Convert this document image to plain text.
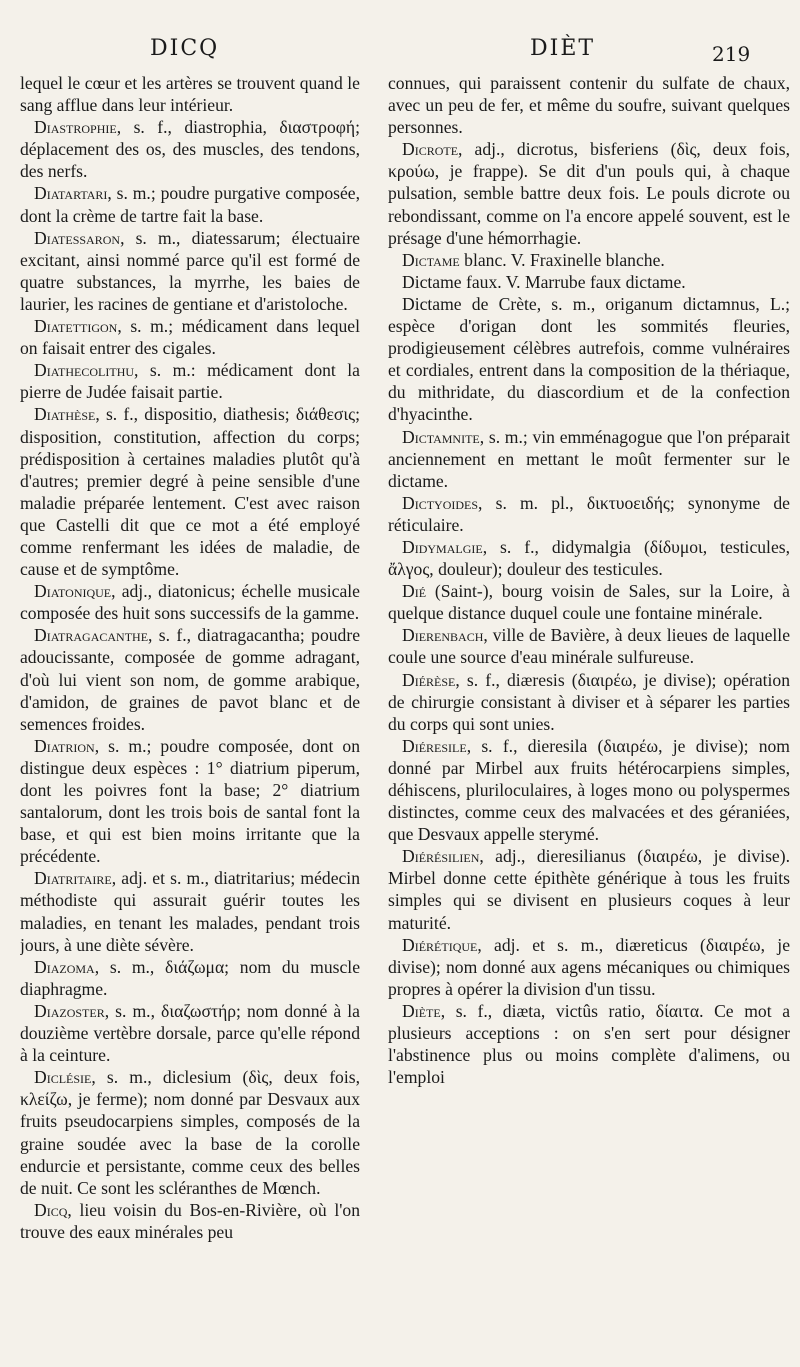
DICQ	DIÈT	219

lequel le cœur et les artères se trouvent quand le sang afflue dans leur intérieur.

Diastrophie, s. f., diastrophia, διαστροφή; déplacement des os, des muscles, des tendons, des nerfs.

Diatartari, s. m.; poudre purgative composée, dont la crème de tartre fait la base.

Diatessaron, s. m., diatessarum; électuaire excitant, ainsi nommé parce qu'il est formé de quatre substances, la myrrhe, les baies de laurier, les racines de gentiane et d'aristoloche.

Diatettigon, s. m.; médicament dans lequel on faisait entrer des cigales.

Diathecolithu, s. m.: médicament dont la pierre de Judée faisait partie.

Diathèse, s. f., dispositio, diathesis; διάθεσις; disposition, constitution, affection du corps; prédisposition à certaines maladies plutôt qu'à d'autres; premier degré à peine sensible d'une maladie préparée lentement. C'est avec raison que Castelli dit que ce mot a été employé comme renfermant les idées de maladie, de cause et de symptôme.

Diatonique, adj., diatonicus; échelle musicale composée des huit sons successifs de la gamme.

Diatragacanthe, s. f., diatragacantha; poudre adoucissante, composée de gomme adragant, d'où lui vient son nom, de gomme arabique, d'amidon, de graines de pavot blanc et de semences froides.

Diatrion, s. m.; poudre composée, dont on distingue deux espèces : 1° diatrium piperum, dont les poivres font la base; 2° diatrium santalorum, dont les trois bois de santal font la base, et qui est bien moins irritante que la précédente.

Diatritaire, adj. et s. m., diatritarius; médecin méthodiste qui assurait guérir toutes les maladies, en tenant les malades, pendant trois jours, à une diète sévère.

Diazoma, s. m., διάζωμα; nom du muscle diaphragme.

Diazoster, s. m., διαζωστήρ; nom donné à la douzième vertèbre dorsale, parce qu'elle répond à la ceinture.

Diclésie, s. m., diclesium (δὶς, deux fois, κλείζω, je ferme); nom donné par Desvaux aux fruits pseudocarpiens simples, composés de la graine soudée avec la base de la corolle endurcie et persistante, comme ceux des belles de nuit. Ce sont les scléranthes de Mœnch.

Dicq, lieu voisin du Bos-en-Rivière, où l'on trouve des eaux minérales peu

connues, qui paraissent contenir du sulfate de chaux, avec un peu de fer, et même du soufre, suivant quelques personnes.

Dicrote, adj., dicrotus, bisferiens (δὶς, deux fois, κρούω, je frappe). Se dit d'un pouls qui, à chaque pulsation, semble battre deux fois. Le pouls dicrote ou rebondissant, comme on l'a encore appelé souvent, est le présage d'une hémorrhagie.

Dictame blanc. V. Fraxinelle blanche.

Dictame faux. V. Marrube faux dictame.

Dictame de Crète, s. m., origanum dictamnus, L.; espèce d'origan dont les sommités fleuries, prodigieusement célèbres autrefois, comme vulnéraires et cordiales, entrent dans la composition de la thériaque, du mithridate, du diascordium et de la confection d'hyacinthe.

Dictamnite, s. m.; vin emménagogue que l'on préparait anciennement en mettant le moût fermenter sur le dictame.

Dictyoides, s. m. pl., δικτυοειδής; synonyme de réticulaire.

Didymalgie, s. f., didymalgia (δίδυμοι, testicules, ἄλγος, douleur); douleur des testicules.

Dié (Saint-), bourg voisin de Sales, sur la Loire, à quelque distance duquel coule une fontaine minérale.

Dierenbach, ville de Bavière, à deux lieues de laquelle coule une source d'eau minérale sulfureuse.

Diérèse, s. f., diæresis (διαιρέω, je divise); opération de chirurgie consistant à diviser et à séparer les parties du corps qui sont unies.

Diéresile, s. f., dieresila (διαιρέω, je divise); nom donné par Mirbel aux fruits hétérocarpiens simples, déhiscens, pluriloculaires, à loges mono ou polyspermes distinctes, comme ceux des malvacées et des géraniées, que Desvaux appelle sterymé.

Diérésilien, adj., dieresilianus (διαιρέω, je divise). Mirbel donne cette épithète générique à tous les fruits simples qui se divisent en plusieurs coques à leur maturité.

Diérétique, adj. et s. m., diæreticus (διαιρέω, je divise); nom donné aux agens mécaniques ou chimiques propres à opérer la division d'un tissu.

Diète, s. f., diæta, victûs ratio, δίαιτα. Ce mot a plusieurs acceptions : on s'en sert pour désigner l'abstinence plus ou moins complète d'alimens, ou l'emploi
